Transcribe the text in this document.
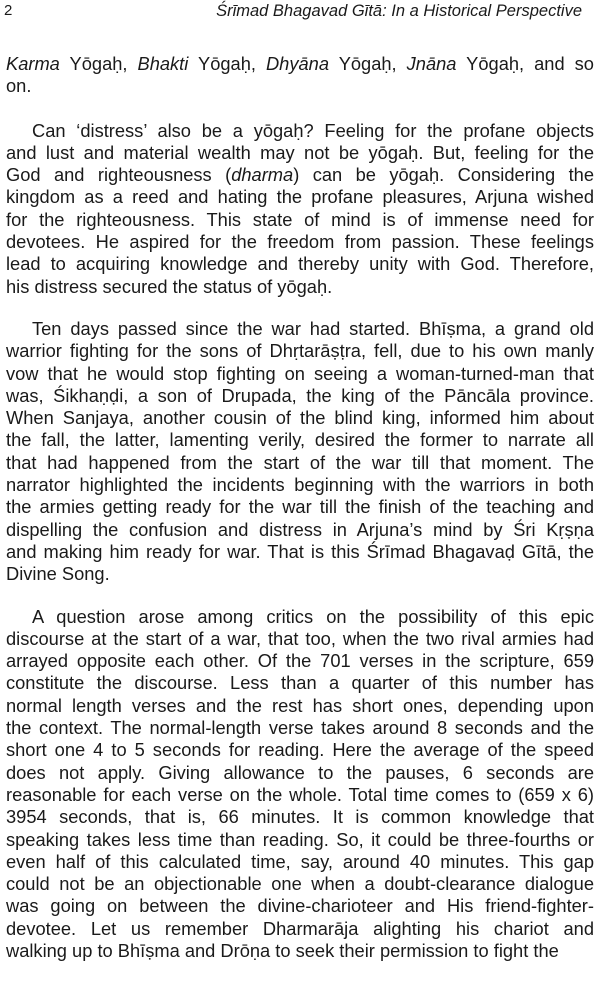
2	Śrīmad Bhagavad Gītā: In a Historical Perspective
Karma Yōgaḥ, Bhakti Yōgaḥ, Dhyāna Yōgaḥ, Jnāna Yōgaḥ, and so
on.
Can ‘distress’ also be a yōgaḥ? Feeling for the profane objects
and lust and material wealth may not be yōgaḥ. But, feeling for the
God and righteousness (dharma) can be yōgaḥ. Considering the
kingdom as a reed and hating the profane pleasures, Arjuna wished
for the righteousness. This state of mind is of immense need for
devotees. He aspired for the freedom from passion. These feelings
lead to acquiring knowledge and thereby unity with God. Therefore,
his distress secured the status of yōgaḥ.
Ten days passed since the war had started. Bhīṣma, a grand old
warrior fighting for the sons of Dhṛtarāṣṭra, fell, due to his own manly
vow that he would stop fighting on seeing a woman-turned-man that
was, Śikhaṇḍi, a son of Drupada, the king of the Pāncāla province.
When Sanjaya, another cousin of the blind king, informed him about
the fall, the latter, lamenting verily, desired the former to narrate all
that had happened from the start of the war till that moment. The
narrator highlighted the incidents beginning with the warriors in both
the armies getting ready for the war till the finish of the teaching and
dispelling the confusion and distress in Arjuna’s mind by Śri Kṛṣṇa
and making him ready for war. That is this Śrīmad Bhagavaḍ Gītā, the
Divine Song.
A question arose among critics on the possibility of this epic
discourse at the start of a war, that too, when the two rival armies had
arrayed opposite each other. Of the 701 verses in the scripture, 659
constitute the discourse. Less than a quarter of this number has
normal length verses and the rest has short ones, depending upon
the context. The normal-length verse takes around 8 seconds and the
short one 4 to 5 seconds for reading. Here the average of the speed
does not apply. Giving allowance to the pauses, 6 seconds are
reasonable for each verse on the whole. Total time comes to (659 x 6)
3954 seconds, that is, 66 minutes. It is common knowledge that
speaking takes less time than reading. So, it could be three-fourths or
even half of this calculated time, say, around 40 minutes. This gap
could not be an objectionable one when a doubt-clearance dialogue
was going on between the divine-charioteer and His friend-fighter-
devotee. Let us remember Dharmarāja alighting his chariot and
walking up to Bhīṣma and Drōṇa to seek their permission to fight the
